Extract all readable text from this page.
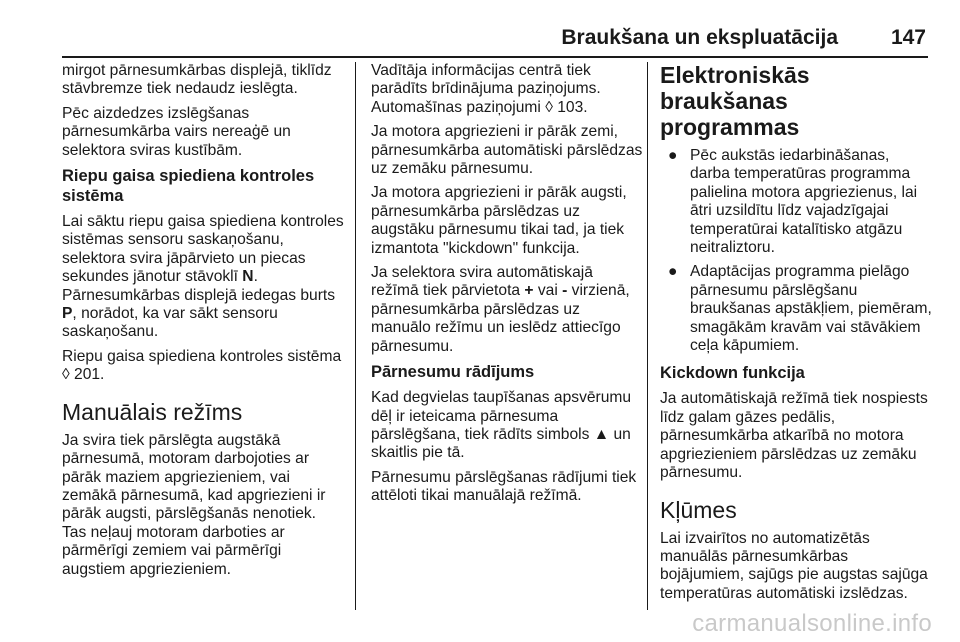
Braukšana un ekspluatācija	147

mirgot pārnesumkārbas displejā, tiklīdz stāvbremze tiek nedaudz ieslēgta.

Pēc aizdedzes izslēgšanas pārnesumkārba vairs nereaģē un selektora sviras kustībām.

Riepu gaisa spiediena kontroles sistēma

Lai sāktu riepu gaisa spiediena kontroles sistēmas sensoru saskaņošanu, selektora svira jāpārvieto un piecas sekundes jānotur stāvoklī N. Pārnesumkārbas displejā iedegas burts P, norādot, ka var sākt sensoru saskaņošanu.

Riepu gaisa spiediena kontroles sistēma ◊ 201.

Manuālais režīms

Ja svira tiek pārslēgta augstākā pārnesumā, motoram darbojoties ar pārāk maziem apgriezieniem, vai zemākā pārnesumā, kad apgriezieni ir pārāk augsti, pārslēgšanās nenotiek. Tas neļauj motoram darboties ar pārmērīgi zemiem vai pārmērīgi augstiem apgriezieniem.

Vadītāja informācijas centrā tiek parādīts brīdinājuma paziņojums. Automašīnas paziņojumi ◊ 103.

Ja motora apgriezieni ir pārāk zemi, pārnesumkārba automātiski pārslēdzas uz zemāku pārnesumu.

Ja motora apgriezieni ir pārāk augsti, pārnesumkārba pārslēdzas uz augstāku pārnesumu tikai tad, ja tiek izmantota "kickdown" funkcija.

Ja selektora svira automātiskajā režīmā tiek pārvietota + vai - virzienā, pārnesumkārba pārslēdzas uz manuālo režīmu un ieslēdz attiecīgo pārnesumu.

Pārnesumu rādījums

Kad degvielas taupīšanas apsvērumu dēļ ir ieteicama pārnesuma pārslēgšana, tiek rādīts simbols ▲ un skaitlis pie tā.

Pārnesumu pārslēgšanas rādījumi tiek attēloti tikai manuālajā režīmā.

Elektroniskās braukšanas programmas
● Pēc aukstās iedarbināšanas, darba temperatūras programma palielina motora apgriezienus, lai ātri uzsildītu līdz vajadzīgajai temperatūrai katalītisko atgāzu neitraliztoru.
● Adaptācijas programma pielāgo pārnesumu pārslēgšanu braukšanas apstākļiem, piemēram, smagākām kravām vai stāvākiem ceļa kāpumiem.
Kickdown funkcija

Ja automātiskajā režīmā tiek nospiests līdz galam gāzes pedālis, pārnesumkārba atkarībā no motora apgriezieniem pārslēdzas uz zemāku pārnesumu.

Kļūmes

Lai izvairītos no automatizētās manuālās pārnesumkārbas bojājumiem, sajūgs pie augstas sajūga temperatūras automātiski izslēdzas.

carmanualsonline.info
